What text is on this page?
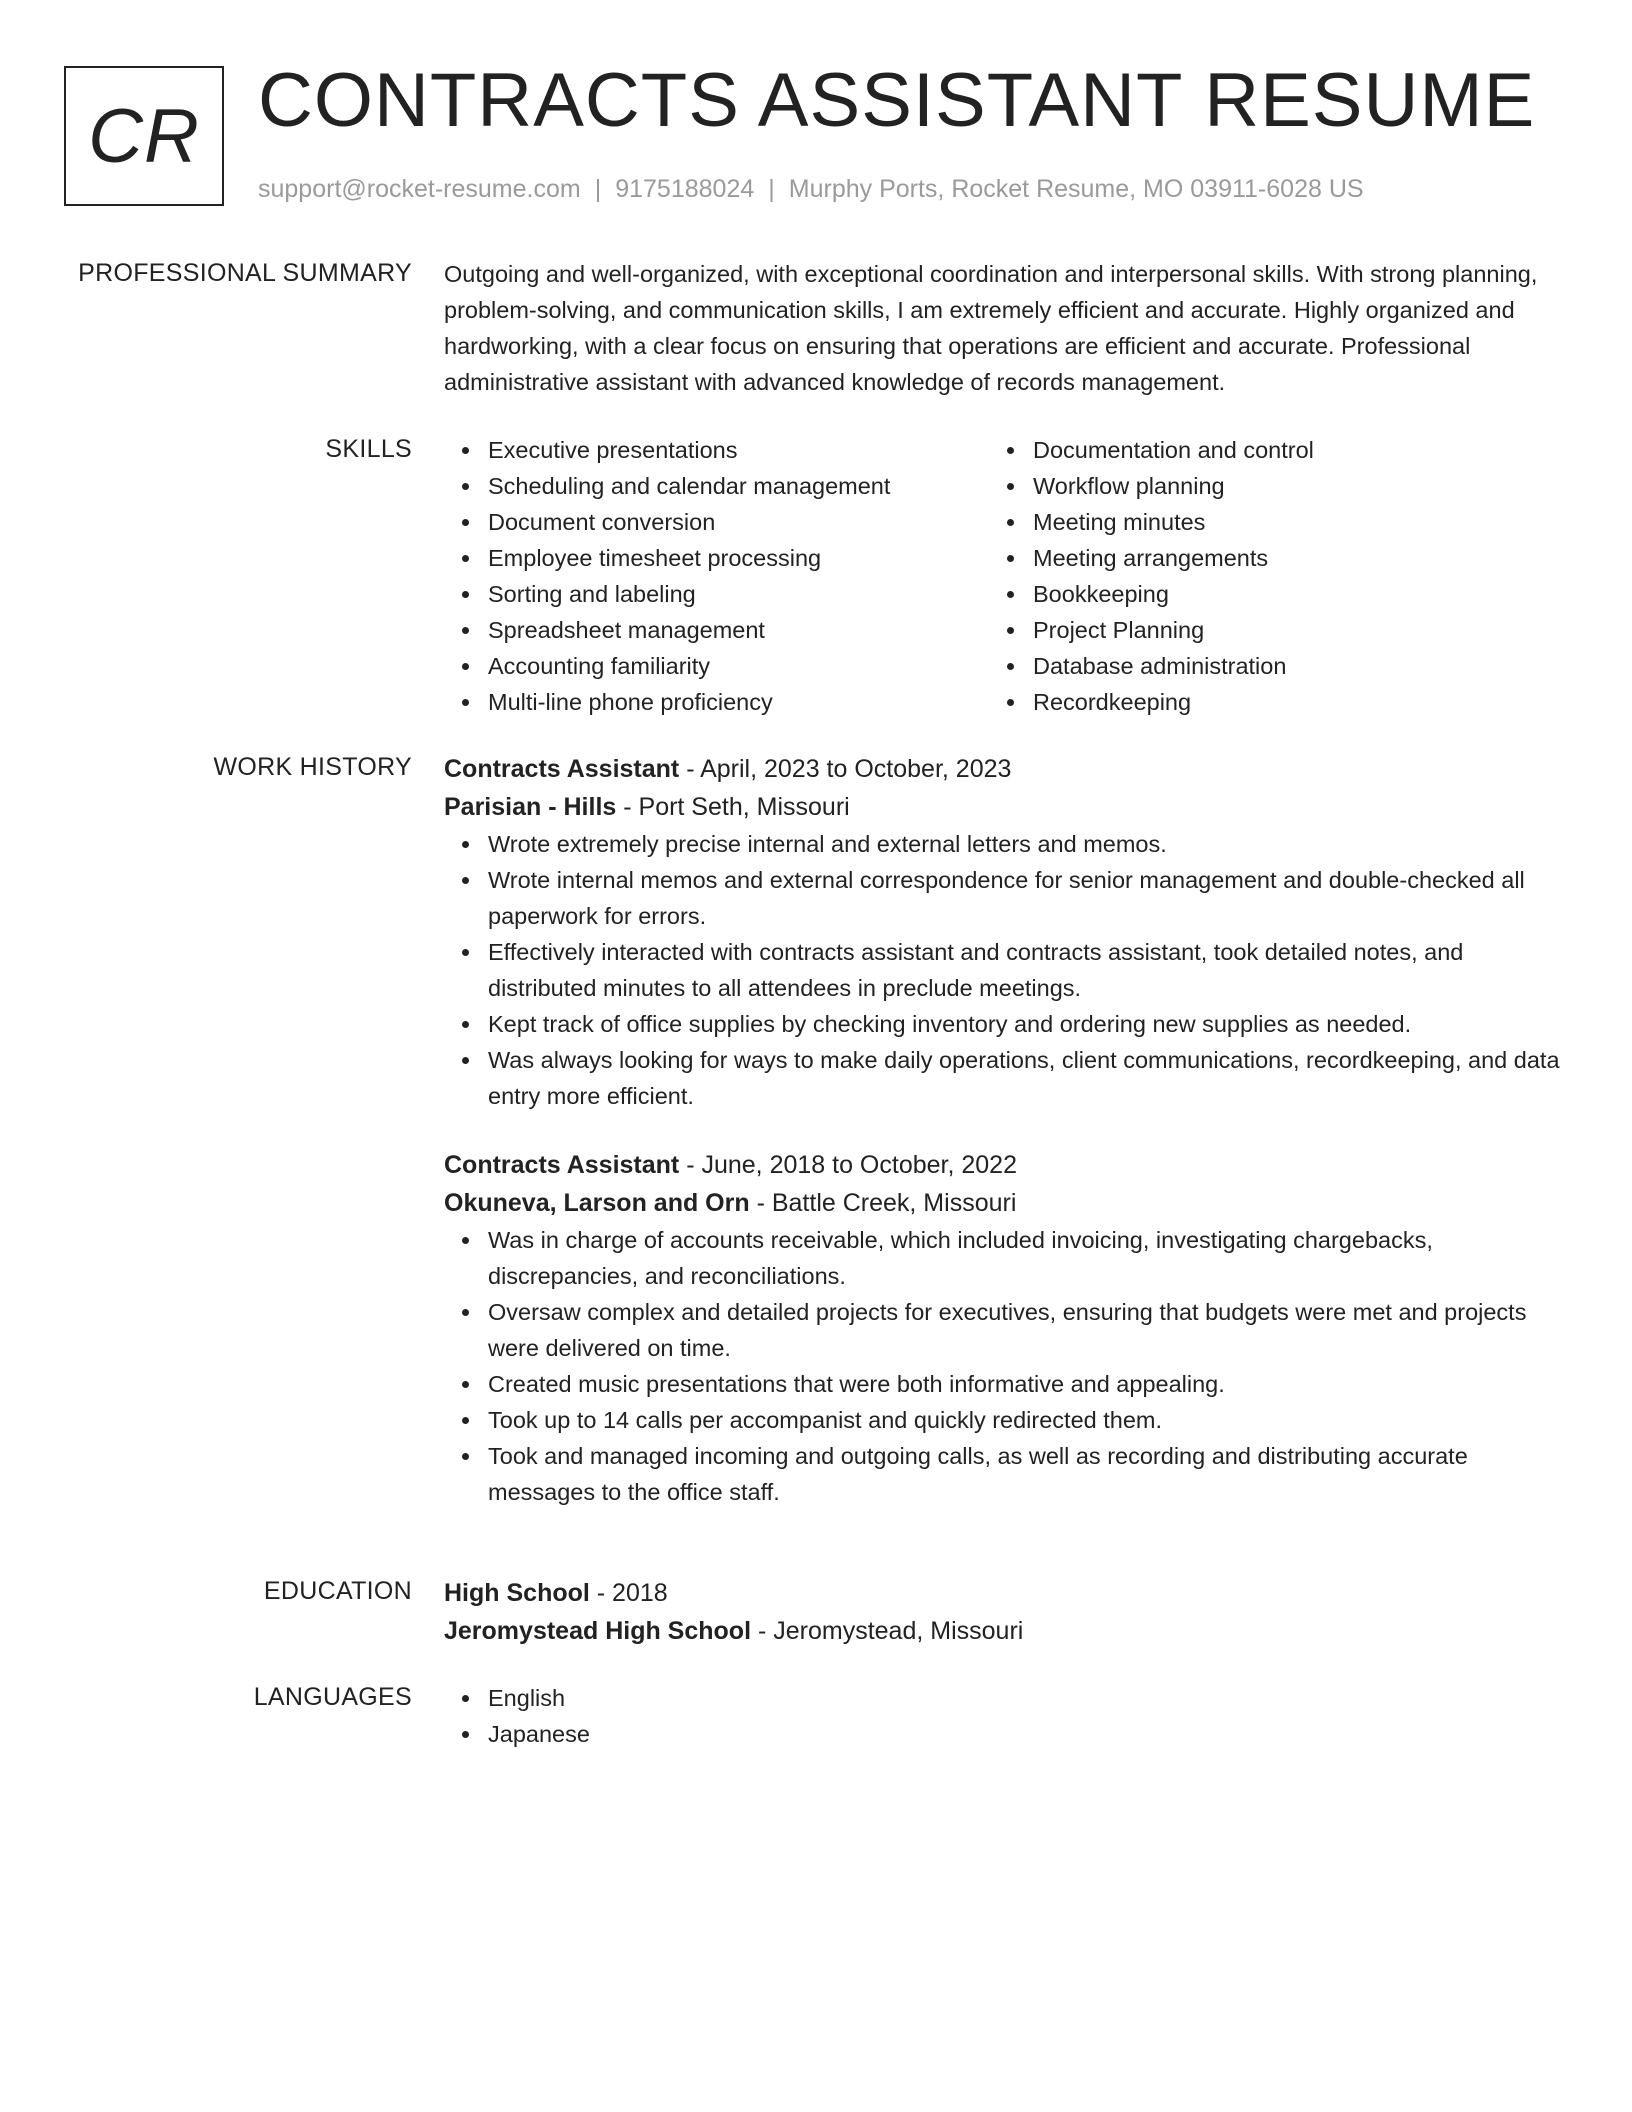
CR CONTRACTS ASSISTANT RESUME
support@rocket-resume.com | 9175188024 | Murphy Ports, Rocket Resume, MO 03911-6028 US
PROFESSIONAL SUMMARY Outgoing and well-organized, with exceptional coordination and interpersonal skills. With strong planning, problem-solving, and communication skills, I am extremely efficient and accurate. Highly organized and hardworking, with a clear focus on ensuring that operations are efficient and accurate. Professional administrative assistant with advanced knowledge of records management.

SKILLS	Executive presentations
Scheduling and calendar management
Document conversion
Employee timesheet processing
Sorting and labeling
Spreadsheet management
Accounting familiarity
Multi-line phone proficiency
Documentation and control
Workflow planning
Meeting minutes
Meeting arrangements
Bookkeeping
Project Planning
Database administration
Recordkeeping
WORK HISTORY Contracts Assistant - April, 2023 to October, 2023
Parisian - Hills - Port Seth, Missouri
Wrote extremely precise internal and external letters and memos.
Wrote internal memos and external correspondence for senior management and double-checked all paperwork for errors.
Effectively interacted with contracts assistant and contracts assistant, took detailed notes, and distributed minutes to all attendees in preclude meetings.
Kept track of office supplies by checking inventory and ordering new supplies as needed.
Was always looking for ways to make daily operations, client communications, recordkeeping, and data entry more efficient.
Contracts Assistant - June, 2018 to October, 2022
Okuneva, Larson and Orn - Battle Creek, Missouri
Was in charge of accounts receivable, which included invoicing, investigating chargebacks, discrepancies, and reconciliations.
Oversaw complex and detailed projects for executives, ensuring that budgets were met and projects were delivered on time.
Created music presentations that were both informative and appealing.
Took up to 14 calls per accompanist and quickly redirected them.
Took and managed incoming and outgoing calls, as well as recording and distributing accurate messages to the office staff.
EDUCATION High School - 2018
Jeromystead High School - Jeromystead, Missouri
LANGUAGES	English
Japanese
